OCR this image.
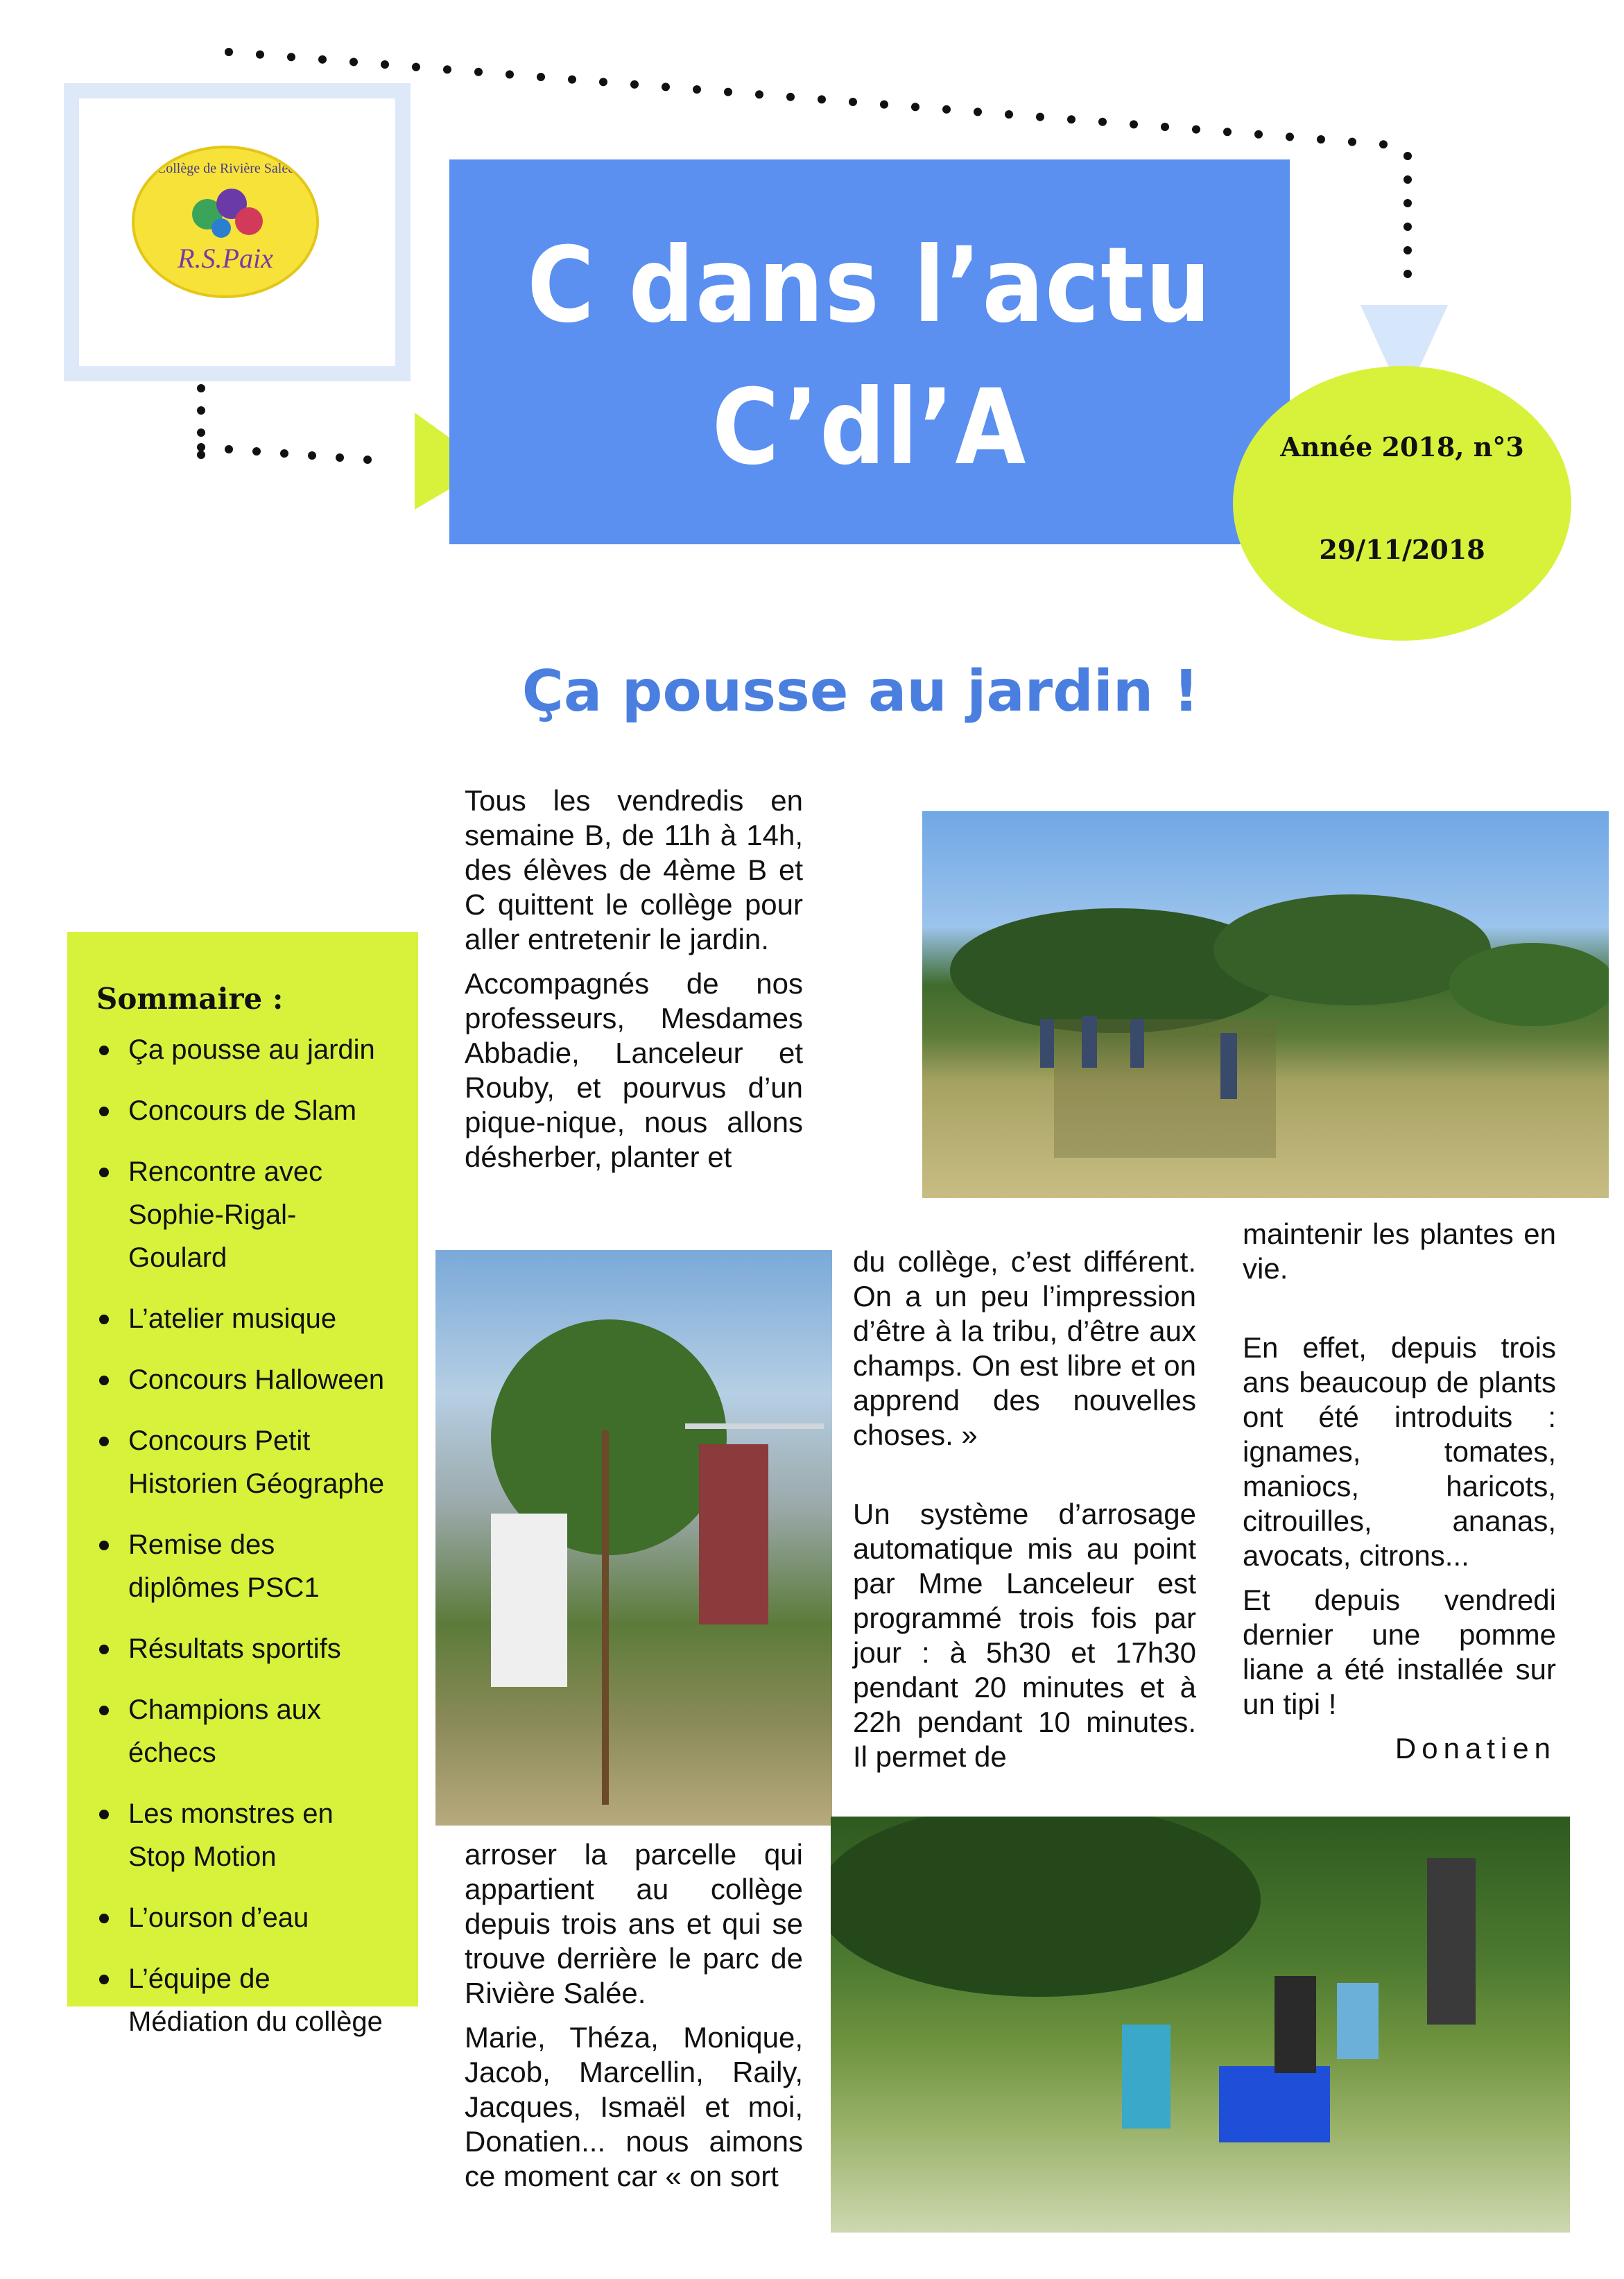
Collège de Rivière Salée
R.S.Paix	C dans l’actu
C’dl’A	Année 2018, n°3
29/11/2018
Ça pousse au jardin !
Sommaire :
Ça pousse au jardin
Concours de Slam
Rencontre avec Sophie-Rigal-Goulard
L’atelier musique
Concours Halloween
Concours Petit Historien Géographe
Remise des diplômes PSC1
Résultats sportifs
Champions aux échecs
Les monstres en Stop Motion
L’ourson d’eau
L’équipe de Médiation du collège

Tous les vendredis en semaine B, de 11h à 14h, des élèves de 4ème B et C quittent le collège pour aller entretenir le jardin.

Accompagnés de nos professeurs, Mesdames Abbadie, Lanceleur et Rouby, et pourvus d’un pique-nique, nous allons désherber, planter et

du collège, c’est différent. On a un peu l’impression d’être à la tribu, d’être aux champs. On est libre et on apprend des nouvelles choses. »

Un système d’arrosage automatique mis au point par Mme Lanceleur est programmé trois fois par jour : à 5h30 et 17h30 pendant 20 minutes et à 22h pendant 10 minutes. Il permet de

maintenir les plantes en vie.

En effet, depuis trois ans beaucoup de plants ont été introduits : ignames, tomates, maniocs, haricots, citrouilles, ananas, avocats, citrons...

Et depuis vendredi dernier une pomme liane a été installée sur un tipi !

Donatien

arroser la parcelle qui appartient au collège depuis trois ans et qui se trouve derrière le parc de Rivière Salée.

Marie, Théza, Monique, Jacob, Marcellin, Raily, Jacques, Ismaël et moi, Donatien... nous aimons ce moment car « on sort
